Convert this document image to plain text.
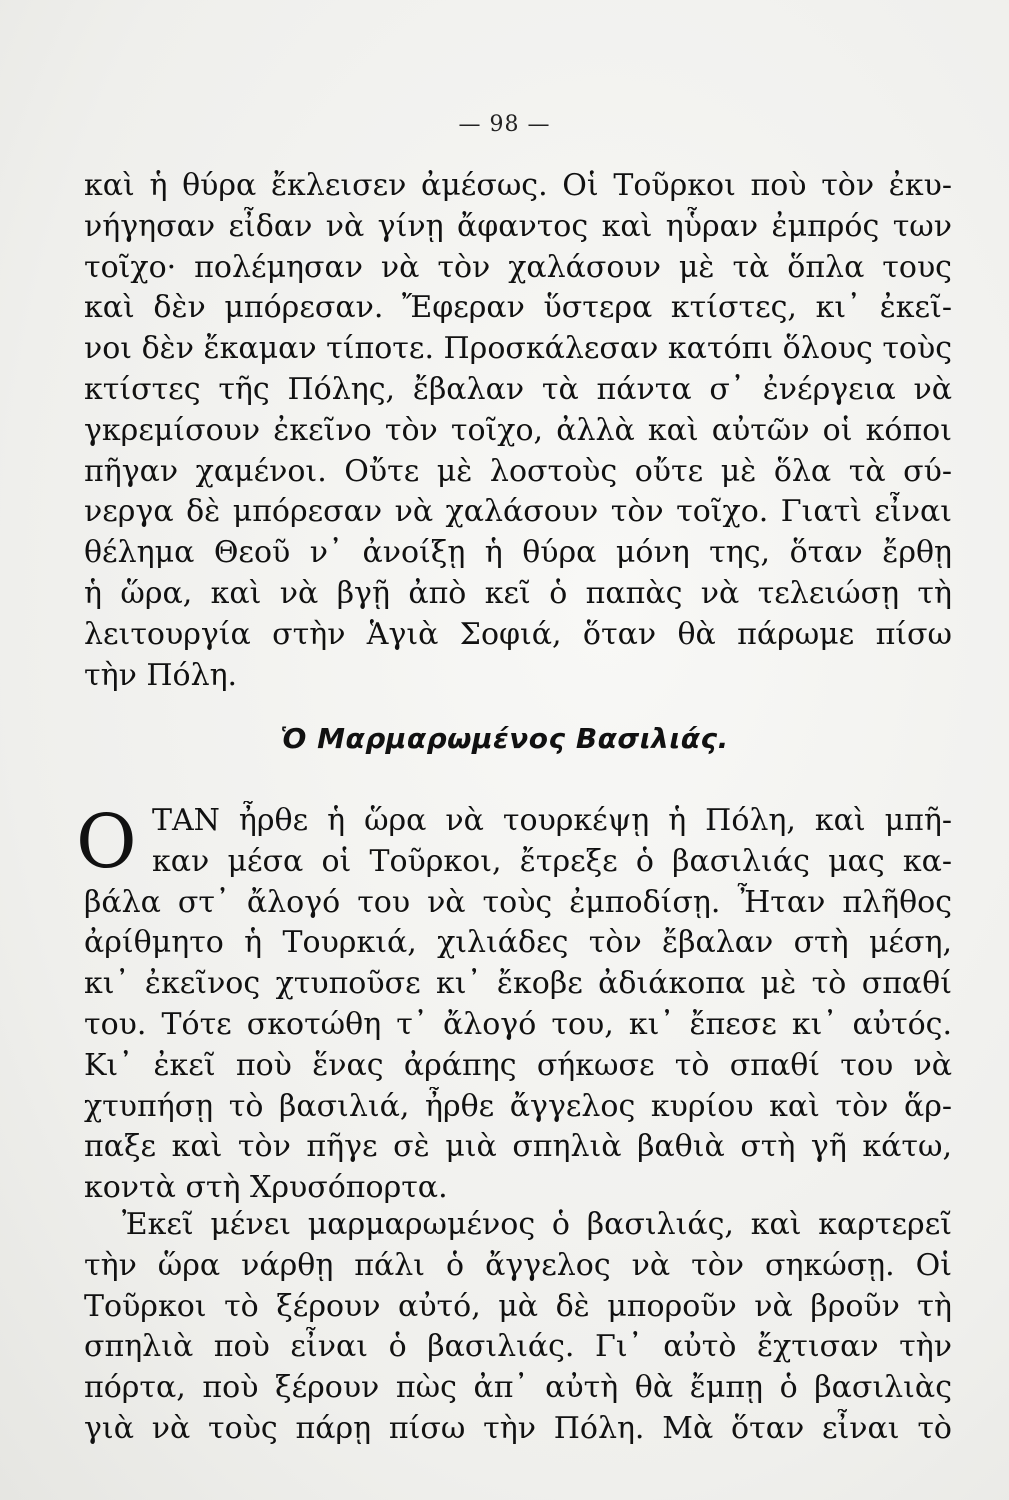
— 98 —
καὶ ἡ θύρα ἔκλεισεν ἀμέσως. Οἱ Τοῦρκοι ποὺ τὸν ἐκυ-
νήγησαν εἶδαν νὰ γίνῃ ἄφαντος καὶ ηὗραν ἐμπρός των
τοῖχο· πολέμησαν νὰ τὸν χαλάσουν μὲ τὰ ὅπλα τους
καὶ δὲν μπόρεσαν. Ἔφεραν ὕστερα κτίστες, κι᾽ ἐκεῖ-
νοι δὲν ἔκαμαν τίποτε. Προσκάλεσαν κατόπι ὅλους τοὺς
κτίστες τῆς Πόλης, ἔβαλαν τὰ πάντα σ᾽ ἐνέργεια νὰ
γκρεμίσουν ἐκεῖνο τὸν τοῖχο, ἀλλὰ καὶ αὐτῶν οἱ κόποι
πῆγαν χαμένοι. Οὔτε μὲ λοστοὺς οὔτε μὲ ὅλα τὰ σύ-
νεργα δὲ μπόρεσαν νὰ χαλάσουν τὸν τοῖχο. Γιατὶ εἶναι
θέλημα Θεοῦ ν᾽ ἀνοίξῃ ἡ θύρα μόνη της, ὅταν ἔρθῃ
ἡ ὥρα, καὶ νὰ βγῇ ἀπὸ κεῖ ὁ παπὰς νὰ τελειώσῃ τὴ
λειτουργία στὴν Ἁγιὰ Σοφιά, ὅταν θὰ πάρωμε πίσω
τὴν Πόλη.
Ὁ Μαρμαρωμένος Βασιλιάς.
Ο ΤΑΝ ἦρθε ἡ ὥρα νὰ τουρκέψῃ ἡ Πόλη, καὶ μπῆ-
καν μέσα οἱ Τοῦρκοι, ἔτρεξε ὁ βασιλιάς μας κα-
βάλα στ᾽ ἄλογό του νὰ τοὺς ἐμποδίσῃ. Ἦταν πλῆθος
ἀρίθμητο ἡ Τουρκιά, χιλιάδες τὸν ἔβαλαν στὴ μέση,
κι᾽ ἐκεῖνος χτυποῦσε κι᾽ ἔκοβε ἀδιάκοπα μὲ τὸ σπαθί
του. Τότε σκοτώθη τ᾽ ἄλογό του, κι᾽ ἔπεσε κι᾽ αὐτός.
Κι᾽ ἐκεῖ ποὺ ἕνας ἀράπης σήκωσε τὸ σπαθί του νὰ
χτυπήσῃ τὸ βασιλιά, ἦρθε ἄγγελος κυρίου καὶ τὸν ἅρ-
παξε καὶ τὸν πῆγε σὲ μιὰ σπηλιὰ βαθιὰ στὴ γῆ κάτω,
κοντὰ στὴ Χρυσόπορτα.
Ἐκεῖ μένει μαρμαρωμένος ὁ βασιλιάς, καὶ καρτερεῖ
τὴν ὥρα νάρθῃ πάλι ὁ ἄγγελος νὰ τὸν σηκώσῃ. Οἱ
Τοῦρκοι τὸ ξέρουν αὐτό, μὰ δὲ μποροῦν νὰ βροῦν τὴ
σπηλιὰ ποὺ εἶναι ὁ βασιλιάς. Γι᾽ αὐτὸ ἔχτισαν τὴν
πόρτα, ποὺ ξέρουν πὼς ἀπ᾽ αὐτὴ θὰ ἔμπῃ ὁ βασιλιὰς
γιὰ νὰ τοὺς πάρῃ πίσω τὴν Πόλη. Μὰ ὅταν εἶναι τὸ
